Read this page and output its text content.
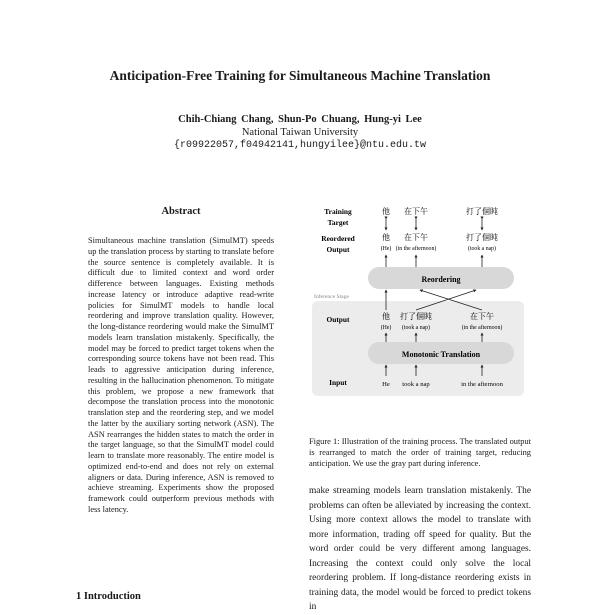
Anticipation-Free Training for Simultaneous Machine Translation
Chih-Chiang Chang, Shun-Po Chuang, Hung-yi Lee
National Taiwan University
{r09922057,f04942141,hungyilee}@ntu.edu.tw
Abstract
Simultaneous machine translation (SimulMT) speeds up the translation process by starting to translate before the source sentence is completely available. It is difficult due to limited context and word order difference between languages. Existing methods increase latency or introduce adaptive read-write policies for SimulMT models to handle local reordering and improve translation quality. However, the long-distance reordering would make the SimulMT models learn translation mistakenly. Specifically, the model may be forced to predict target tokens when the corresponding source tokens have not been read. This leads to aggressive anticipation during inference, resulting in the hallucination phenomenon. To mitigate this problem, we propose a new framework that decompose the translation process into the monotonic translation step and the reordering step, and we model the latter by the auxiliary sorting network (ASN). The ASN rearranges the hidden states to match the order in the target language, so that the SimulMT model could learn to translate more reasonably. The entire model is optimized end-to-end and does not rely on external aligners or data. During inference, ASN is removed to achieve streaming. Experiments show the proposed framework could outperform previous methods with less latency.
1 Introduction
Training
Target
Reordered
Output
Inference Stage
Output
Input
他 在下午	打了個盹
他 在下午	打了個盹
(He) (in the afternoon)	(took a nap)
Reordering
他 打了個盹	在下午
(He) (took a nap)	(in the afternoon)
Monotonic Translation
He took a nap	in the afternoon
Figure 1: Illustration of the training process. The translated output is rearranged to match the order of training target, reducing anticipation. We use the gray part during inference.
make streaming models learn translation mistakenly. The problems can often be alleviated by increasing the context. Using more context allows the model to translate with more information, trading off speed for quality. But the word order could be very different among languages. Increasing the context could only solve the local reordering problem. If long-distance reordering exists in training data, the model would be forced to predict tokens in
